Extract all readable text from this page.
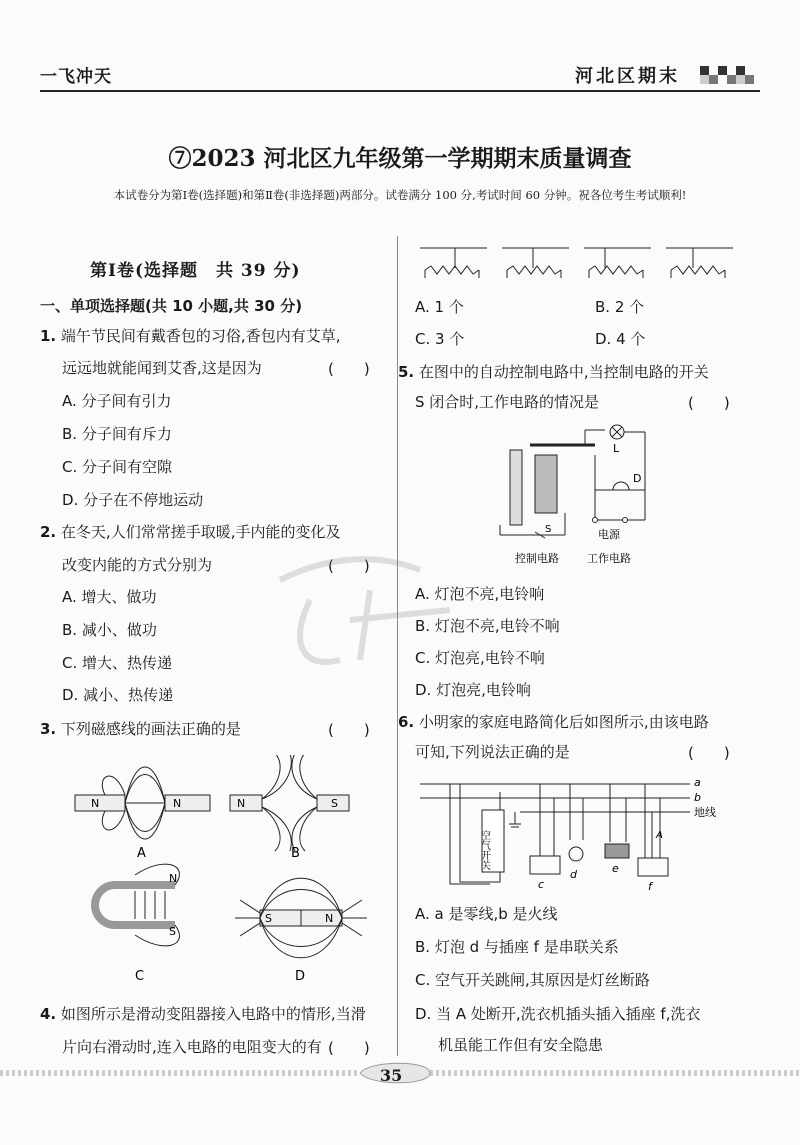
一飞冲天	河北区期末
⑦2023 河北区九年级第一学期期末质量调查
本试卷分为第Ⅰ卷(选择题)和第Ⅱ卷(非选择题)两部分。试卷满分 100 分,考试时间 60 分钟。祝各位考生考试顺利!
第Ⅰ卷(选择题　共 39 分)
一、单项选择题(共 10 小题,共 30 分)
1. 端午节民间有戴香包的习俗,香包内有艾草,
远远地就能闻到艾香,这是因为	(　　)
A. 分子间有引力
B. 分子间有斥力
C. 分子间有空隙
D. 分子在不停地运动
2. 在冬天,人们常常搓手取暖,手内能的变化及
改变内能的方式分别为	(　　)
A. 增大、做功
B. 减小、做功
C. 增大、热传递
D. 减小、热传递
3. 下列磁感线的画法正确的是	(　　)
N	N	N	S
N
S
S	N
A	B
C	D
4. 如图所示是滑动变阻器接入电路中的情形,当滑
片向右滑动时,连入电路的电阻变大的有 (　　)
A. 1 个	B. 2 个
C. 3 个	D. 4 个
5. 在图中的自动控制电路中,当控制电路的开关
S 闭合时,工作电路的情况是	(　　)
L
D
S	电源
控制电路	工作电路
A. 灯泡不亮,电铃响
B. 灯泡不亮,电铃不响
C. 灯泡亮,电铃不响
D. 灯泡亮,电铃响
6. 小明家的家庭电路简化后如图所示,由该电路
可知,下列说法正确的是	(　　)
a
b
地线
空气开关
c
d	e
f
A
A. a 是零线,b 是火线
B. 灯泡 d 与插座 f 是串联关系
C. 空气开关跳闸,其原因是灯丝断路
D. 当 A 处断开,洗衣机插头插入插座 f,洗衣
机虽能工作但有安全隐患
35
